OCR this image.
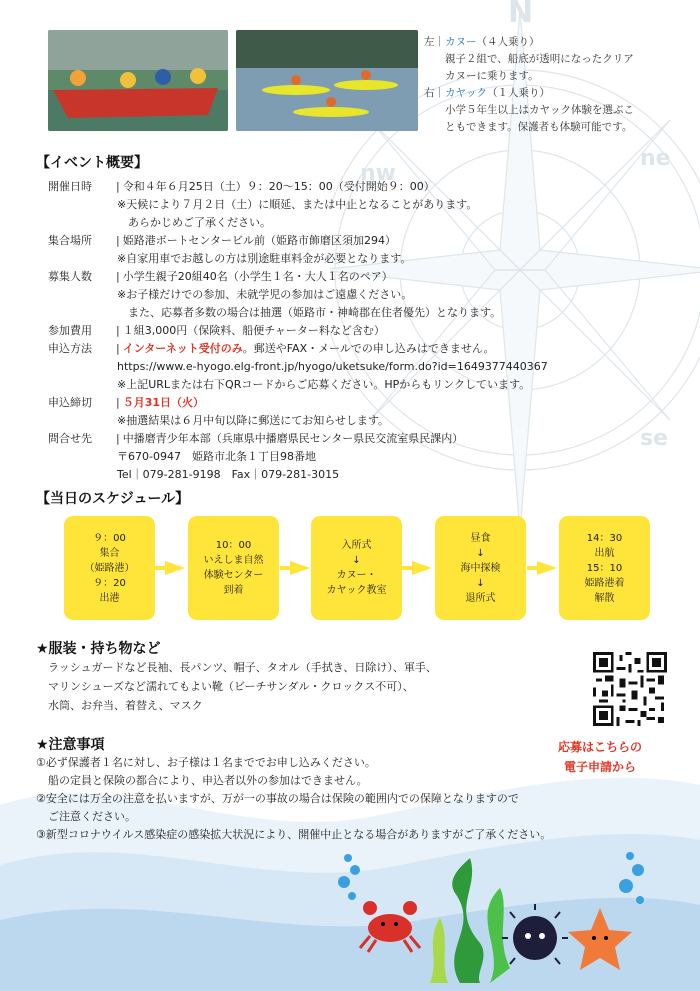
N
ne
nw
se
左｜カヌー（４人乗り）
親子２組で、船底が透明になったクリア
カヌーに乗ります。
右｜カヤック（１人乗り）
小学５年生以上はカヤック体験を選ぶこ
ともできます。保護者も体験可能です。
【イベント概要】
開催日時 | 令和４年６月25日（土）９：20～15：00（受付開始９：00）
※天候により７月２日（土）に順延、または中止となることがあります。
あらかじめご了承ください。
集合場所 | 姫路港ボートセンタービル前（姫路市飾磨区須加294）
※自家用車でお越しの方は別途駐車料金が必要となります。
募集人数 | 小学生親子20組40名（小学生１名・大人１名のペア）
※お子様だけでの参加、未就学児の参加はご遠慮ください。
また、応募者多数の場合は抽選（姫路市・神崎郡在住者優先）となります。
参加費用 | １組3,000円（保険料、船便チャーター料など含む）
申込方法 | インターネット受付のみ。郵送やFAX・メールでの申し込みはできません。
https://www.e-hyogo.elg-front.jp/hyogo/uketsuke/form.do?id=1649377440367
※上記URLまたは右下QRコードからご応募ください。HPからもリンクしています。
申込締切 | ５月31日（火）
※抽選結果は６月中旬以降に郵送にてお知らせします。
問合せ先 | 中播磨青少年本部（兵庫県中播磨県民センター県民交流室県民課内）
〒670-0947　姫路市北条１丁目98番地
Tel｜079-281-9198　Fax｜079-281-3015
【当日のスケジュール】
９：00
集合
（姫路港）
９：20
出港
10：00
いえしま自然
体験センター
到着
入所式
↓
カヌー・
カヤック教室
昼食
↓
海中探検
↓
退所式
14：30
出航
15：10
姫路港着
解散
★服装・持ち物など
ラッシュガードなど長袖、長パンツ、帽子、タオル（手拭き、日除け）、軍手、
マリンシューズなど濡れてもよい靴（ビーチサンダル・クロックス不可）、
水筒、お弁当、着替え、マスク
応募はこちらの
電子申請から
★注意事項
①必ず保護者１名に対し、お子様は１名まででお申し込みください。
船の定員と保険の都合により、申込者以外の参加はできません。
②安全には万全の注意を払いますが、万が一の事故の場合は保険の範囲内での保障となりますので
ご注意ください。
③新型コロナウイルス感染症の感染拡大状況により、開催中止となる場合がありますがご了承ください。
